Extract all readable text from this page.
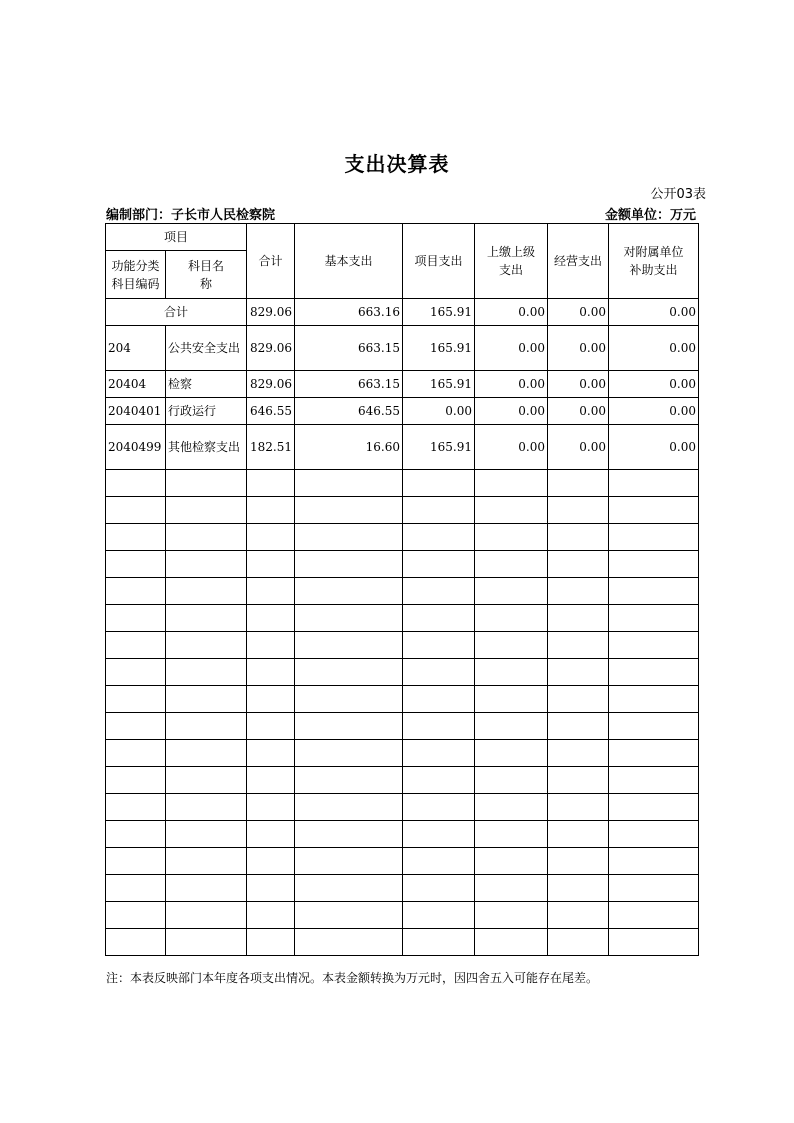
支出决算表
公开03表
编制部门：子长市人民检察院	金额单位：万元
项目		合计	基本支出	项目支出	上缴上级支出	经营支出	对附属单位补助支出
功能分类科目编码	科目名称						
合计		829.06	663.16	165.91	0.00	0.00	0.00
204	公共安全支出	829.06	663.15	165.91	0.00	0.00	0.00
20404	检察	829.06	663.15	165.91	0.00	0.00	0.00
2040401	行政运行	646.55	646.55	0.00	0.00	0.00	0.00
2040499	其他检察支出	182.51	16.60	165.91	0.00	0.00	0.00

注：本表反映部门本年度各项支出情况。本表金额转换为万元时，因四舍五入可能存在尾差。
